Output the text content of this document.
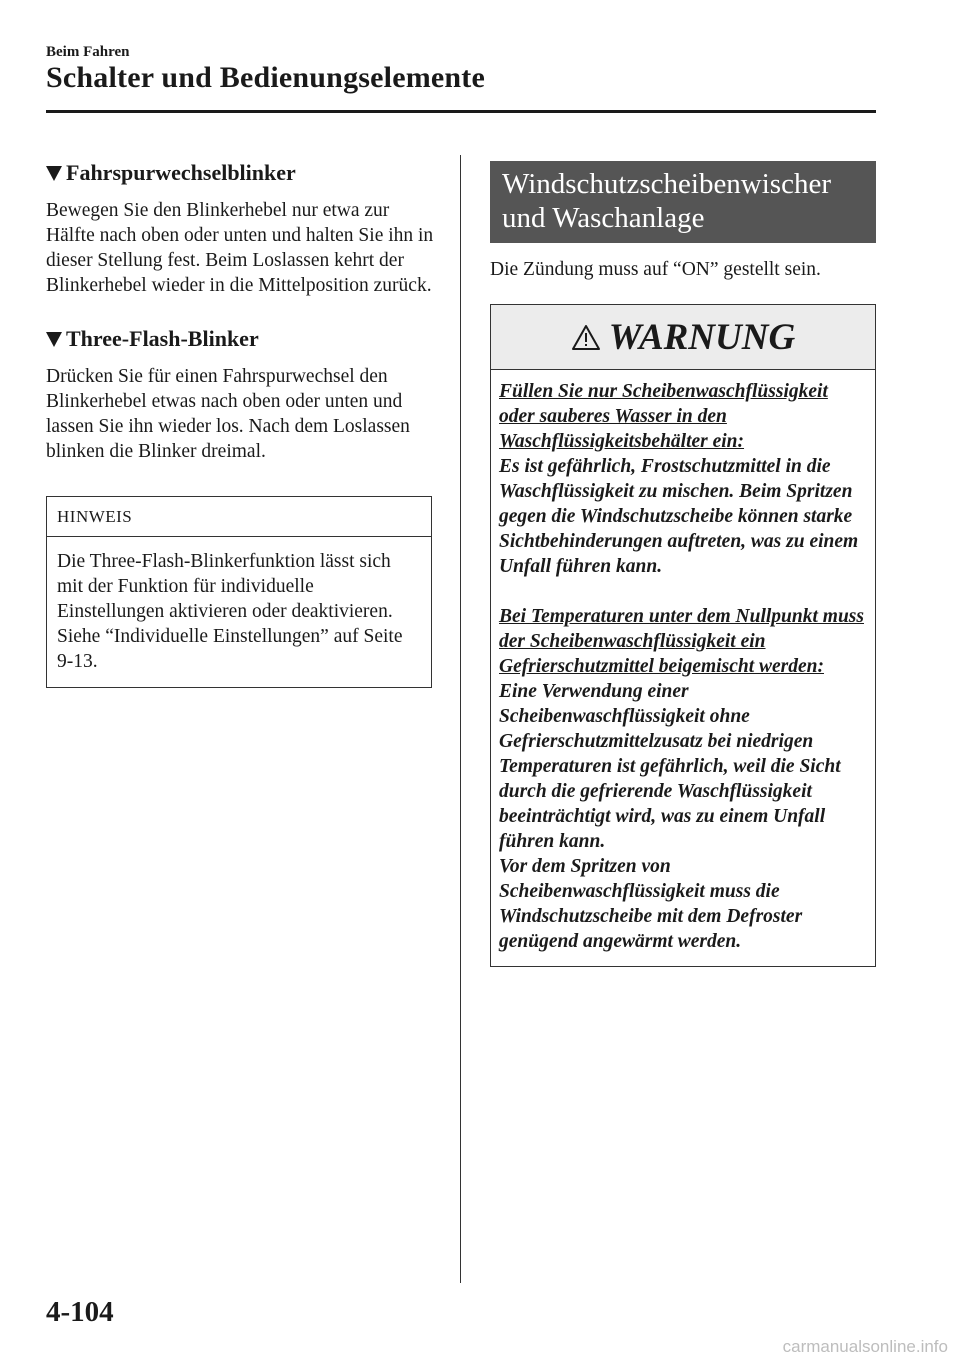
Beim Fahren
Schalter und Bedienungselemente
Fahrspurwechselblinker

Bewegen Sie den Blinkerhebel nur etwa zur Hälfte nach oben oder unten und halten Sie ihn in dieser Stellung fest. Beim Loslassen kehrt der Blinkerhebel wieder in die Mittelposition zurück.

Three-Flash-Blinker

Drücken Sie für einen Fahrspurwechsel den Blinkerhebel etwas nach oben oder unten und lassen Sie ihn wieder los. Nach dem Loslassen blinken die Blinker dreimal.

HINWEIS
Die Three-Flash-Blinkerfunktion lässt sich mit der Funktion für individuelle Einstellungen aktivieren oder deaktivieren.
Siehe “Individuelle Einstellungen” auf Seite 9-13.
Windschutzscheibenwischer
und Waschanlage

Die Zündung muss auf “ON” gestellt sein.

WARNUNG

Füllen Sie nur Scheibenwaschflüssigkeit oder sauberes Wasser in den Waschflüssigkeitsbehälter ein:

Es ist gefährlich, Frostschutzmittel in die Waschflüssigkeit zu mischen. Beim Spritzen gegen die Windschutzscheibe können starke Sichtbehinderungen auftreten, was zu einem Unfall führen kann.

Bei Temperaturen unter dem Nullpunkt muss der Scheibenwaschflüssigkeit ein Gefrierschutzmittel beigemischt werden:

Eine Verwendung einer Scheibenwaschflüssigkeit ohne Gefrierschutzmittelzusatz bei niedrigen Temperaturen ist gefährlich, weil die Sicht durch die gefrierende Waschflüssigkeit beeinträchtigt wird, was zu einem Unfall führen kann.

Vor dem Spritzen von Scheibenwaschflüssigkeit muss die Windschutzscheibe mit dem Defroster genügend angewärmt werden.

4-104
carmanualsonline.info
